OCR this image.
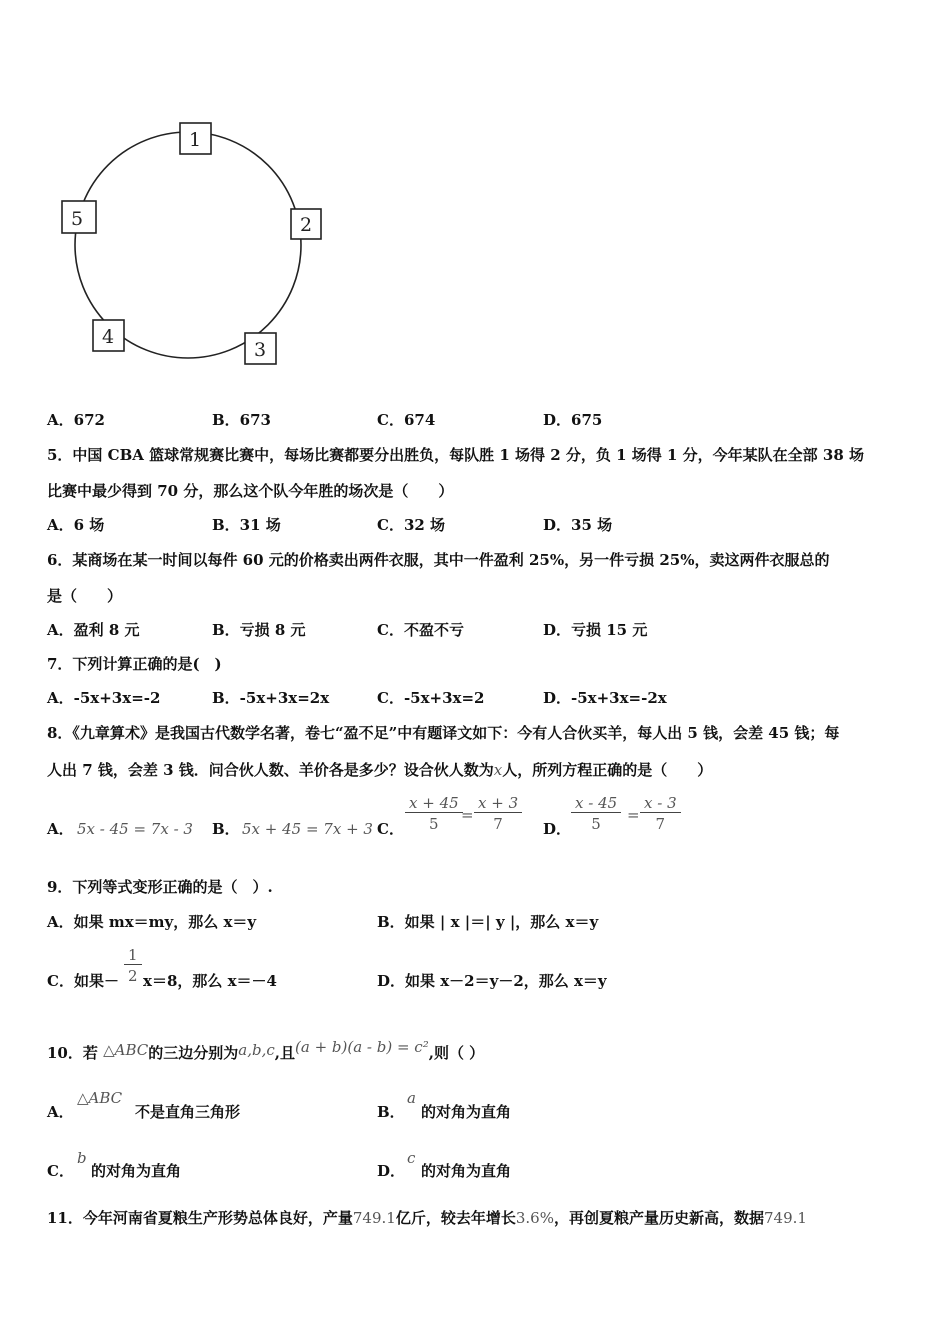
1
2
3
4
5
A．672	B．673	C．674	D．675
5．中国 CBA 篮球常规赛比赛中，每场比赛都要分出胜负，每队胜 1 场得 2 分，负 1 场得 1 分，今年某队在全部 38 场
比赛中最少得到 70 分，那么这个队今年胜的场次是（　　）
A．6 场	B．31 场	C．32 场	D．35 场
6．某商场在某一时间以每件 60 元的价格卖出两件衣服，其中一件盈利 25%，另一件亏损 25%，卖这两件衣服总的
是（　　）
A．盈利 8 元	B．亏损 8 元	C．不盈不亏	D．亏损 15 元
7．下列计算正确的是(　)
A．-5x+3x=-2	B．-5x+3x=2x	C．-5x+3x=2	D．-5x+3x=-2x
8．《九章算术》是我国古代数学名著，卷七“盈不足”中有题译文如下：今有人合伙买羊，每人出 5 钱，会差 45 钱；每
人出 7 钱，会差 3 钱．问合伙人数、羊价各是多少？设合伙人数为x人，所列方程正确的是（　　）
A． 5x - 45 = 7x - 3 B． 5x + 45 = 7x + 3 C． $\frac{x + 45}{5}$
= $\frac{x + 3}{7}$ D． $\frac{x - 45}{5} = \frac{x - 3}{7}$
9．下列等式变形正确的是（　）.
A．如果 mx＝my，那么 x＝y	B．如果 | x |＝| y |，那么 x＝y
C．如果－ $\frac{1}{2} x=8$，那么 x＝－4	D．如果 x－2＝y－2，那么 x＝y
10．若 △ABC的三边分别为a,b,c,且(a + b)(a - b) = c²,则（ ）
A．
△ABC
不是直角三角形	B．
a
的对角为直角
C．
b
的对角为直角	D．
c
的对角为直角
11．今年河南省夏粮生产形势总体良好，产量749.1亿斤，较去年增长3.6%，再创夏粮产量历史新高，数据749.1
